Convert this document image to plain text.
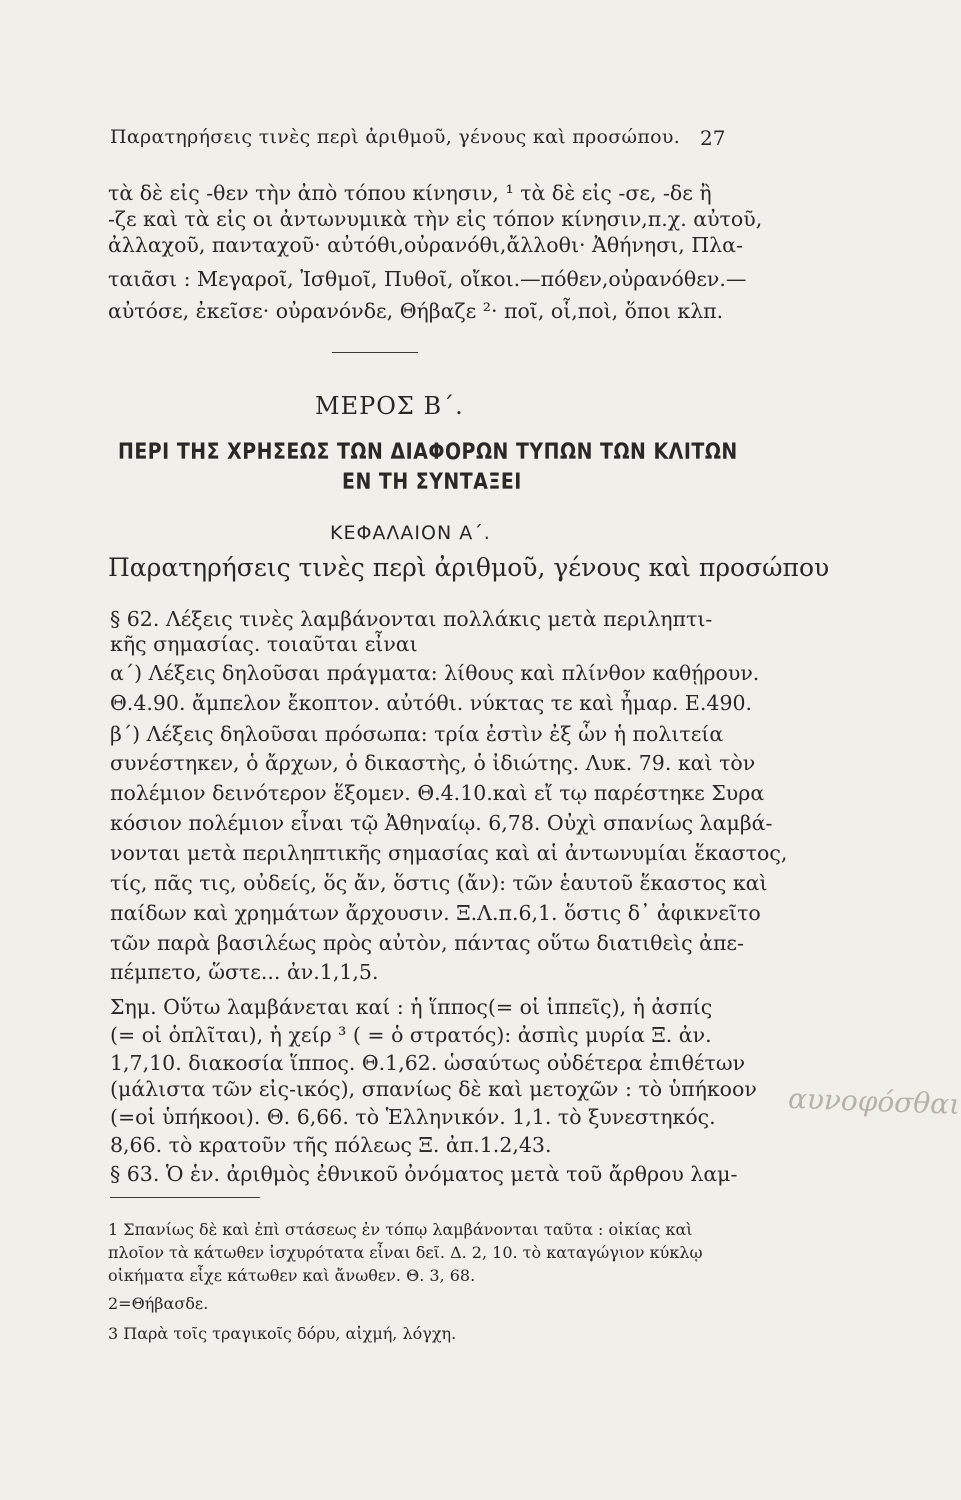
Παρατηρήσεις τινὲς περὶ ἀριθμοῦ, γένους καὶ προσώπου. 27
τὰ δὲ εἰς -θεν τὴν ἀπὸ τόπου κίνησιν, ¹ τὰ δὲ εἰς -σε, -δε ἢ
-ζε καὶ τὰ εἰς οι ἀντωνυμικὰ τὴν εἰς τόπον κίνησιν,π.χ. αὐτοῦ,
ἀλλαχοῦ, πανταχοῦ· αὐτόθι,οὐρανόθι,ἄλλοθι· Ἀθήνησι, Πλα-
ταιᾶσι : Μεγαροῖ, Ἰσθμοῖ, Πυθοῖ, οἴκοι.—πόθεν,οὐρανόθεν.—
αὐτόσε, ἐκεῖσε· οὐρανόνδε, Θήβαζε ²· ποῖ, οἷ,ποὶ, ὅποι κλπ.
ΜΕΡΟΣ Β΄.
ΠΕΡΙ ΤΗΣ ΧΡΗΣΕΩΣ ΤΩΝ ΔΙΑΦΟΡΩΝ ΤΥΠΩΝ ΤΩΝ ΚΛΙΤΩΝ
ΕΝ ΤΗ ΣΥΝΤΑΞΕΙ
ΚΕΦΑΛΑΙΟΝ Α΄.
Παρατηρήσεις τινὲς περὶ ἀριθμοῦ, γένους καὶ προσώπου
§ 62. Λέξεις τινὲς λαμβάνονται πολλάκις μετὰ περιληπτι-
κῆς σημασίας. τοιαῦται εἶναι
α΄) Λέξεις δηλοῦσαι πράγματα: λίθους καὶ πλίνθον καθῄρουν.
Θ.4.90. ἄμπελον ἔκοπτον. αὐτόθι. νύκτας τε καὶ ἦμαρ. Ε.490.
β΄) Λέξεις δηλοῦσαι πρόσωπα: τρία ἐστὶν ἐξ ὧν ἡ πολιτεία
συνέστηκεν, ὁ ἄρχων, ὁ δικαστὴς, ὁ ἰδιώτης. Λυκ. 79. καὶ τὸν
πολέμιον δεινότερον ἕξομεν. Θ.4.10.καὶ εἴ τῳ παρέστηκε Συρα
κόσιον πολέμιον εἶναι τῷ Ἀθηναίῳ. 6,78. Οὐχὶ σπανίως λαμβά-
νονται μετὰ περιληπτικῆς σημασίας καὶ αἱ ἀντωνυμίαι ἕκαστος,
τίς, πᾶς τις, οὐδείς, ὅς ἄν, ὅστις (ἄν): τῶν ἑαυτοῦ ἕκαστος καὶ
παίδων καὶ χρημάτων ἄρχουσιν. Ξ.Λ.π.6,1. ὅστις δ᾽ ἀφικνεῖτο
τῶν παρὰ βασιλέως πρὸς αὐτὸν, πάντας οὕτω διατιθεὶς ἀπε-
πέμπετο, ὥστε... ἀν.1,1,5.
Σημ. Οὕτω λαμβάνεται καί : ἡ ἵππος(= οἱ ἱππεῖς), ἡ ἀσπίς
(= οἱ ὁπλῖται), ἡ χείρ ³ ( = ὁ στρατός): ἀσπὶς μυρία Ξ. ἀν.
1,7,10. διακοσία ἵππος. Θ.1,62. ὡσαύτως οὐδέτερα ἐπιθέτων
(μάλιστα τῶν εἰς-ικός), σπανίως δὲ καὶ μετοχῶν : τὸ ὑπήκοον
(=οἱ ὑπήκοοι). Θ. 6,66. τὸ Ἑλληνικόν. 1,1. τὸ ξυνεστηκός.
8,66. τὸ κρατοῦν τῆς πόλεως Ξ. ἀπ.1.2,43.
§ 63. Ὁ ἑν. ἀριθμὸς ἐθνικοῦ ὀνόματος μετὰ τοῦ ἄρθρου λαμ-
1 Σπανίως δὲ καὶ ἐπὶ στάσεως ἐν τόπῳ λαμβάνονται ταῦτα : οἰκίας καὶ
πλοῖον τὰ κάτωθεν ἰσχυρότατα εἶναι δεῖ. Δ. 2, 10. τὸ καταγώγιον κύκλῳ
οἰκήματα εἶχε κάτωθεν καὶ ἄνωθεν. Θ. 3, 68.
2=Θήβασδε.
3 Παρὰ τοῖς τραγικοῖς δόρυ, αἰχμή, λόγχη.
αυνοφόσθαι
